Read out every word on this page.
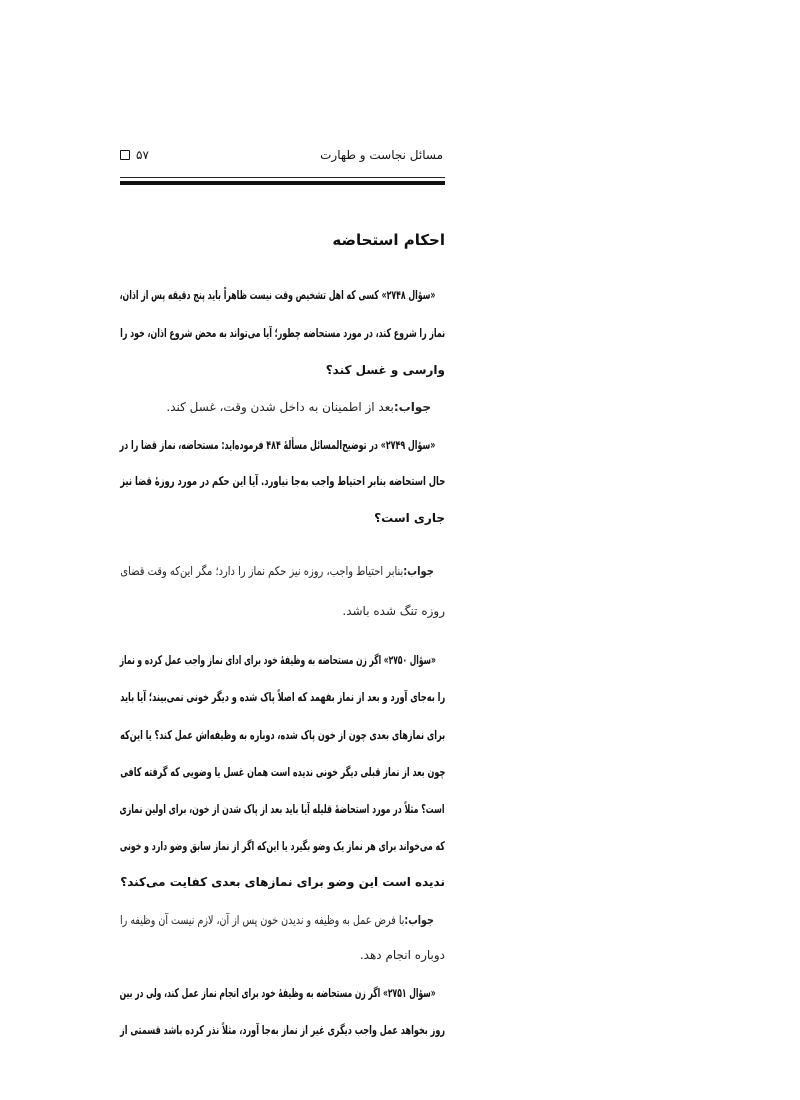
مسائل نجاست و طهارت
۵۷
احکام استحاضه
«سؤال ۲۷۴۸» کسی که اهل تشخیص وقت نیست ظاهراً باید پنج دقیقه پس از اذان،
نماز را شروع کند، در مورد مستحاضه چطور؛ آیا می‌تواند به محض شروع اذان، خود را
وارسی و غسل کند؟
جواب:بعد از اطمینان به داخل شدن وقت، غسل کند.
«سؤال ۲۷۴۹» در توضیح‌المسائل مسألهٔ ۴۸۴ فرموده‌اید: مستحاضه، نماز قضا را در
حال استحاضه بنابر احتیاط واجب به‌جا نیاورد. آیا این حکم در مورد روزهٔ قضا نیز
جاری است؟
جواب:بنابر احتیاط واجب، روزه نیز حکم نماز را دارد؛ مگر این‌که وقت قضای
روزه تنگ شده باشد.
«سؤال ۲۷۵۰» اگر زن مستحاضه به وظیفهٔ خود برای ادای نماز واجب عمل کرده و نماز
را به‌جای آورد و بعد از نماز بفهمد که اصلاً پاک شده و دیگر خونی نمی‌بیند؛ آیا باید
برای نمازهای بعدی چون از خون پاک شده، دوباره به وظیفه‌اش عمل کند؟ یا این‌که
چون بعد از نماز قبلی دیگر خونی ندیده است همان غسل یا وضویی که گرفته کافی
است؟ مثلاً در مورد استحاضهٔ قلیله آیا باید بعد از پاک شدن از خون، برای اولین نمازی
که می‌خواند برای هر نماز یک وضو بگیرد یا این‌که اگر از نماز سابق وضو دارد و خونی
ندیده است این وضو برای نمازهای بعدی کفایت می‌کند؟
جواب:با فرض عمل به وظیفه و ندیدن خون پس از آن، لازم نیست آن وظیفه را
دوباره انجام دهد.
«سؤال ۲۷۵۱» اگر زن مستحاضه به وظیفهٔ خود برای انجام نماز عمل کند، ولی در بین
روز بخواهد عمل واجب دیگری غیر از نماز به‌جا آورد، مثلاً نذر کرده باشد قسمتی از
